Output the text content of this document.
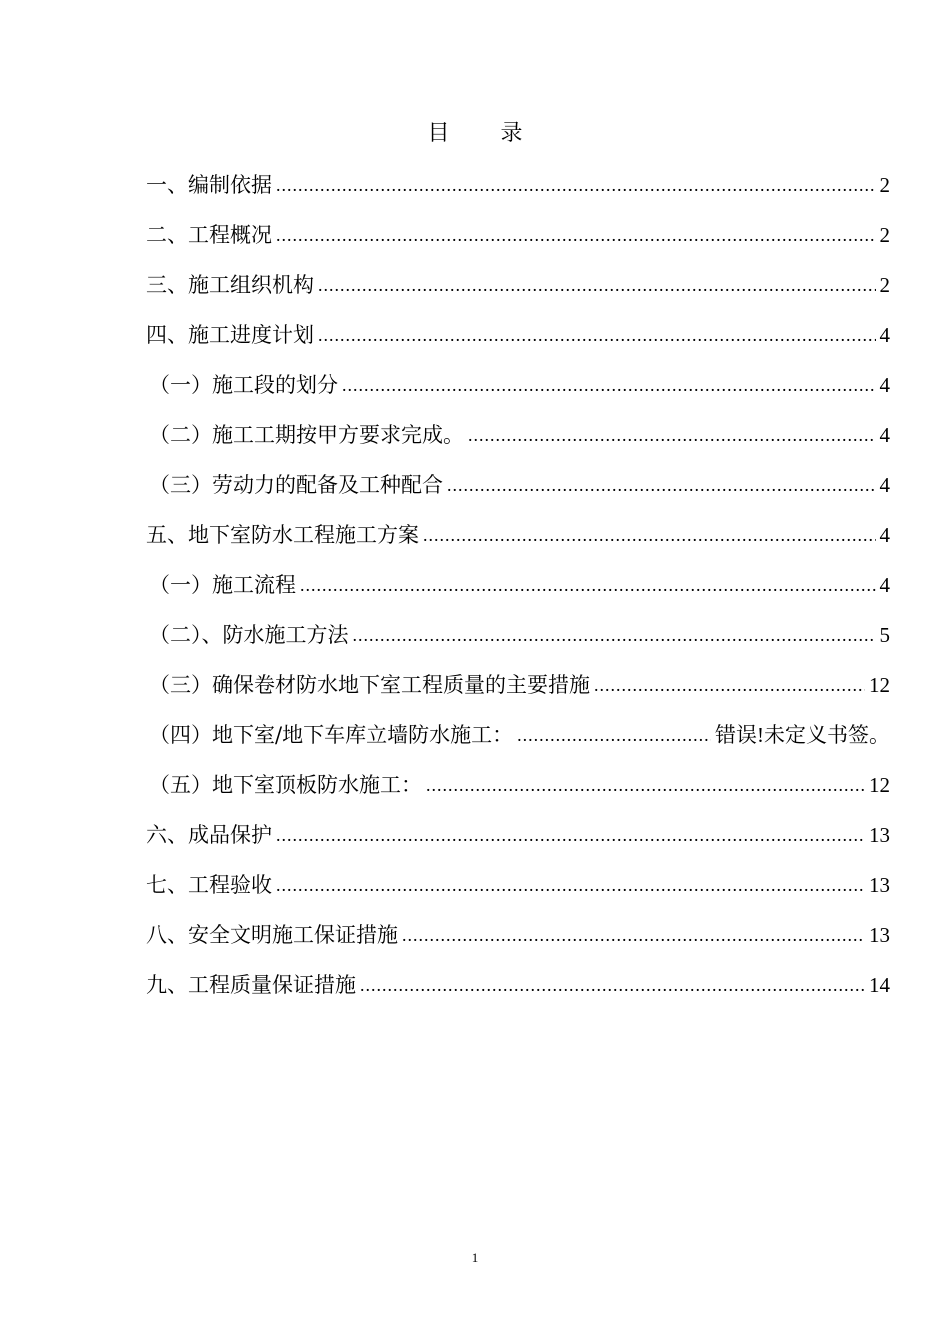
目 录
一、编制依据 .....	2
二、工程概况 .....	2
三、施工组织机构 .....	2
四、施工进度计划 .....	4
（一）施工段的划分 .....	4
（二）施工工期按甲方要求完成。 .....	4
（三）劳动力的配备及工种配合 .....	4
五、地下室防水工程施工方案 .....	4
（一）施工流程 .....	4
（二）、防水施工方法 .....	5
（三）确保卷材防水地下室工程质量的主要措施 .....	12
（四）地下室/地下车库立墙防水施工： .....	错误!未定义书签。
（五）地下室顶板防水施工： .....	12
六、成品保护 .....	13
七、工程验收 .....	13
八、安全文明施工保证措施 .....	13
九、工程质量保证措施 .....	14
1
